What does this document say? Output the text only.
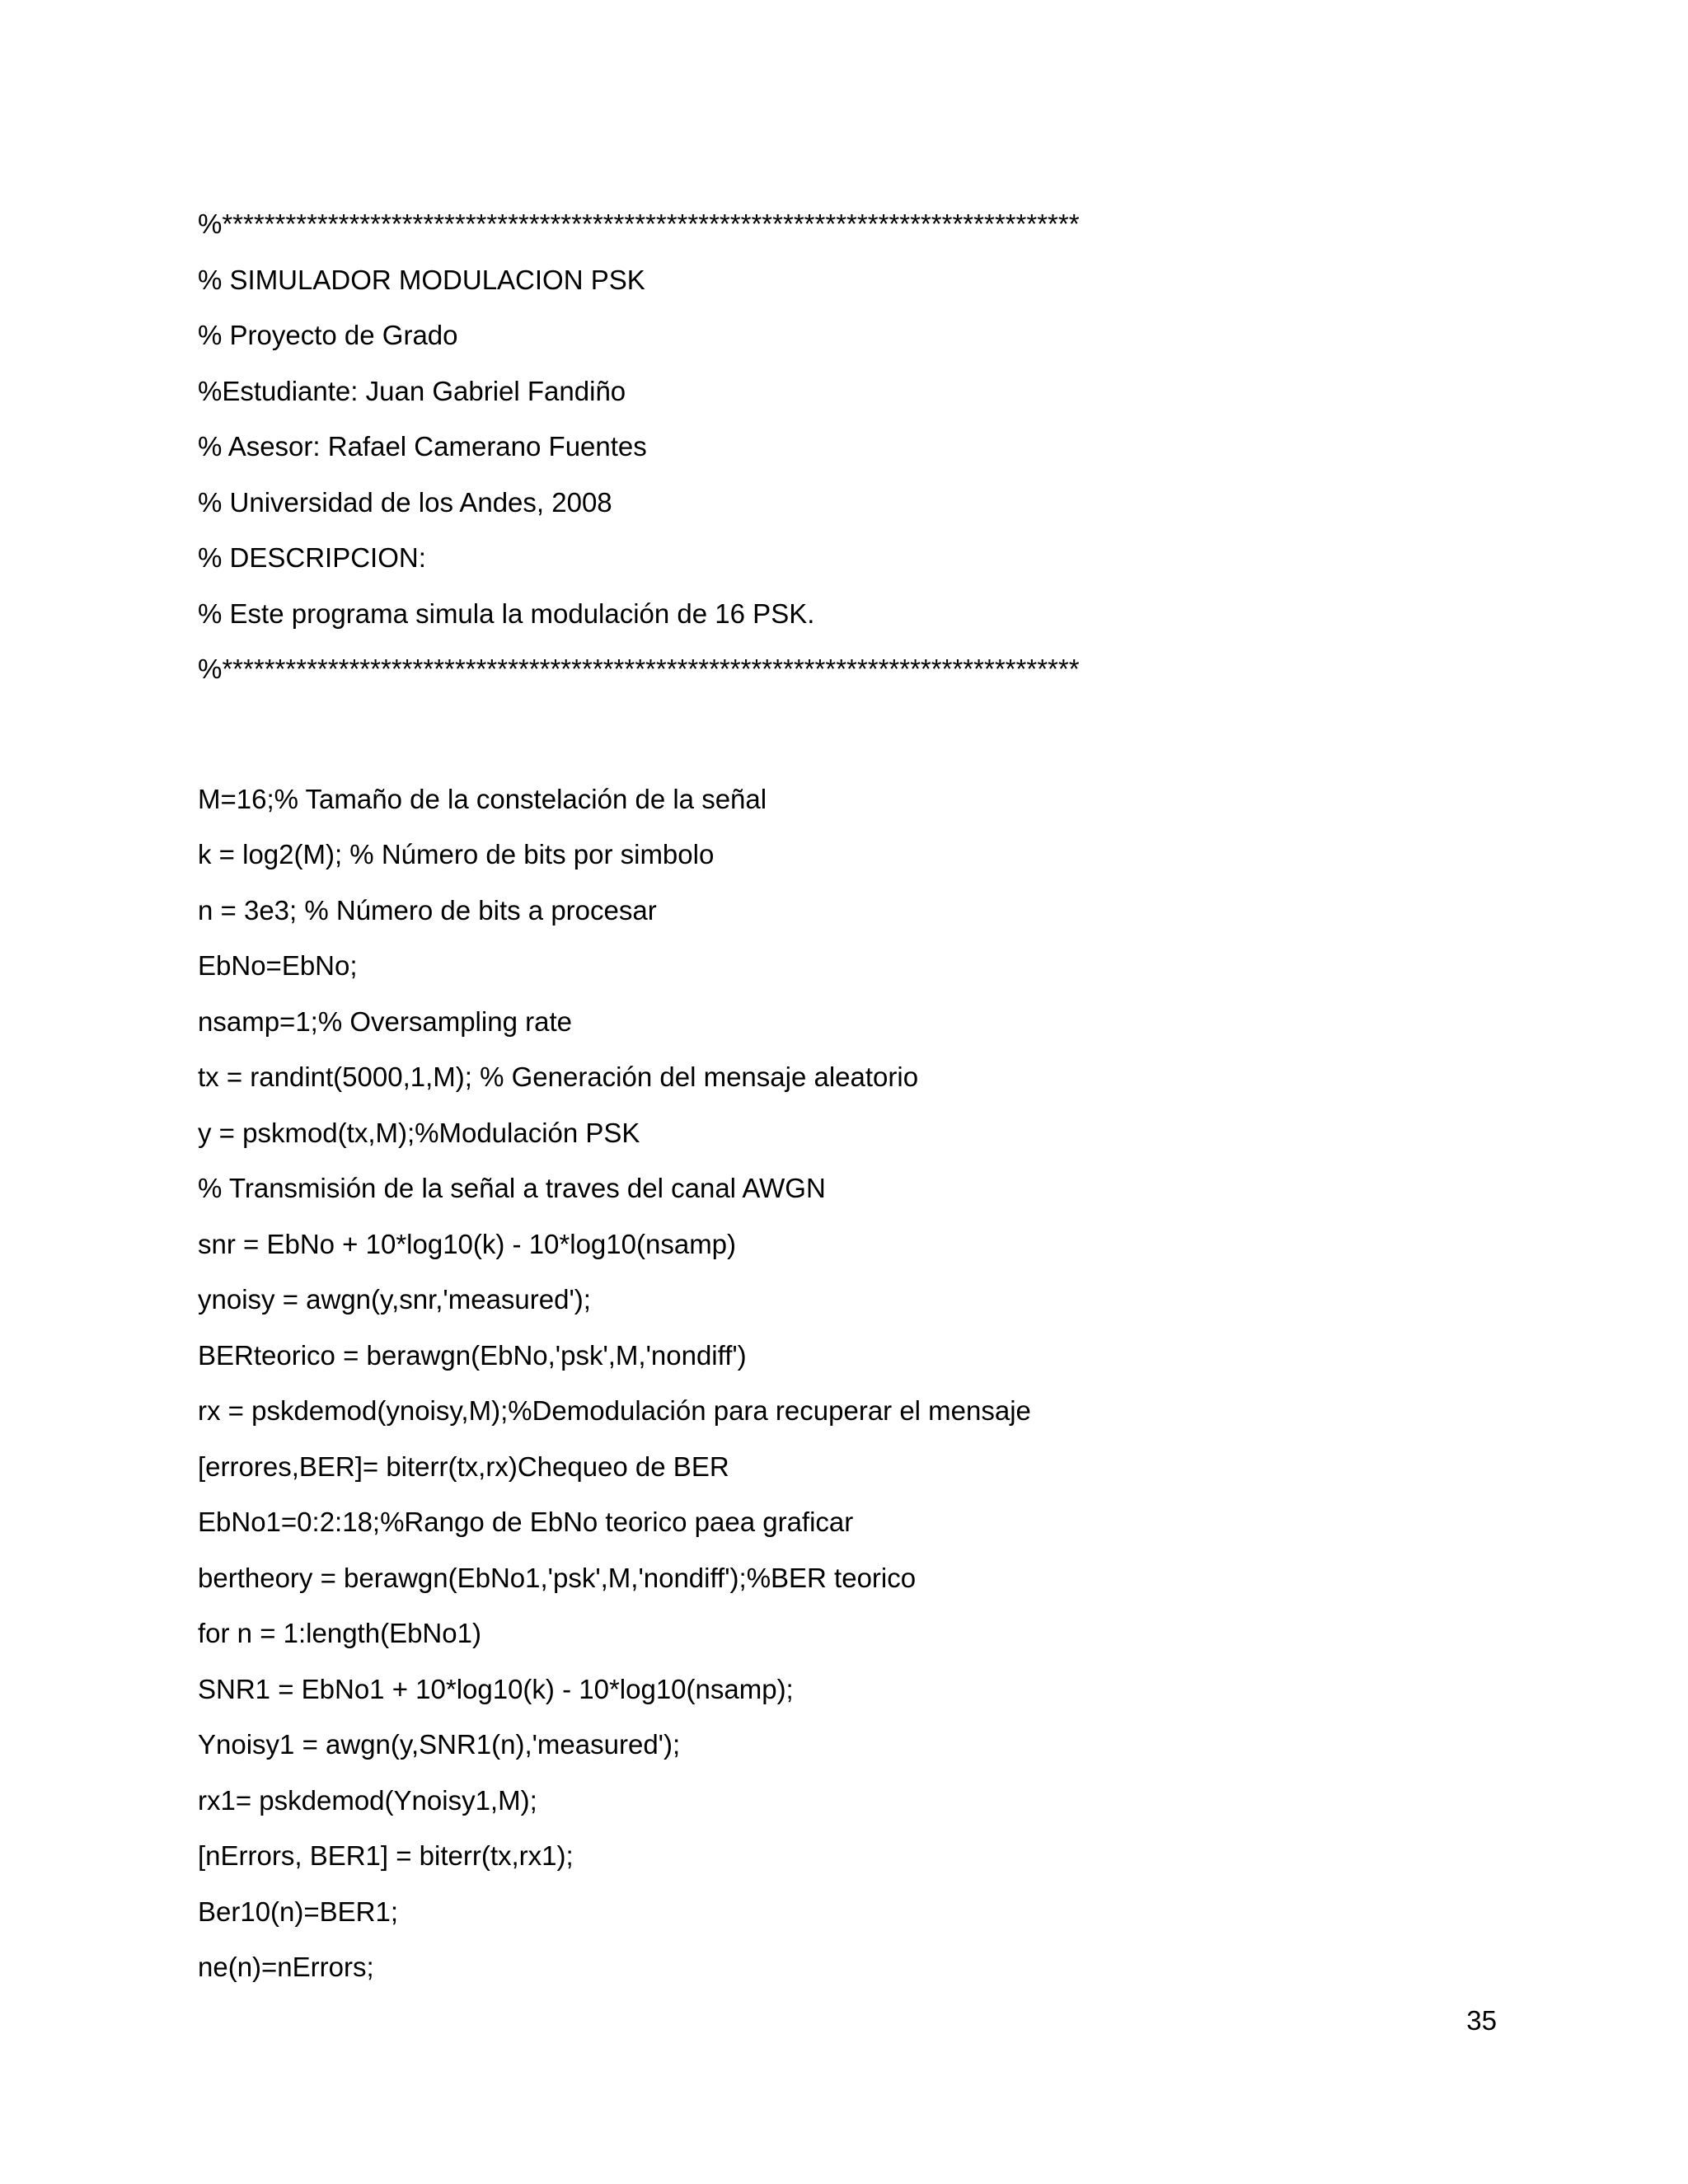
%*********************************************************************************
% SIMULADOR MODULACION PSK
% Proyecto de Grado
%Estudiante: Juan Gabriel Fandiño
% Asesor: Rafael Camerano Fuentes
% Universidad de los Andes, 2008
% DESCRIPCION:
% Este programa simula la modulación de 16 PSK.
%*********************************************************************************
M=16;% Tamaño de la constelación de la señal
k = log2(M); % Número de bits por simbolo
n = 3e3; % Número de bits a procesar
EbNo=EbNo;
nsamp=1;% Oversampling rate
tx = randint(5000,1,M); % Generación del mensaje aleatorio
y = pskmod(tx,M);%Modulación PSK
% Transmisión de la señal a traves del canal AWGN
snr = EbNo + 10*log10(k) - 10*log10(nsamp)
ynoisy = awgn(y,snr,'measured');
BERteorico = berawgn(EbNo,'psk',M,'nondiff')
rx = pskdemod(ynoisy,M);%Demodulación para recuperar el mensaje
[errores,BER]= biterr(tx,rx)Chequeo de BER
EbNo1=0:2:18;%Rango de EbNo teorico paea graficar
bertheory = berawgn(EbNo1,'psk',M,'nondiff');%BER teorico
for n = 1:length(EbNo1)
SNR1 = EbNo1 + 10*log10(k) - 10*log10(nsamp);
Ynoisy1 = awgn(y,SNR1(n),'measured');
rx1= pskdemod(Ynoisy1,M);
[nErrors, BER1] = biterr(tx,rx1);
Ber10(n)=BER1;
ne(n)=nErrors;
35
